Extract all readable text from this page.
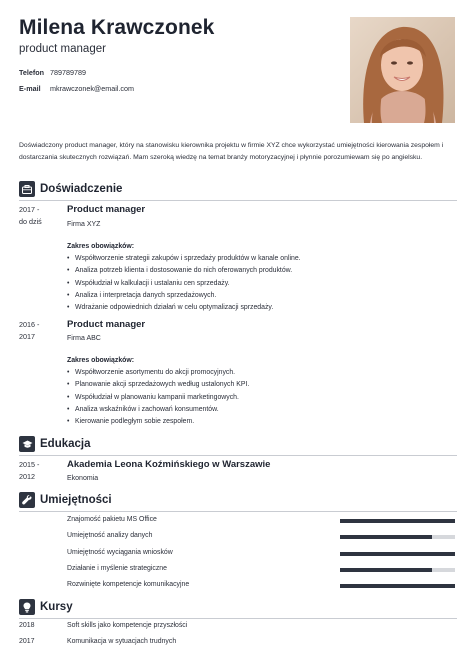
Milena Krawczonek
product manager
Telefon 789789789
E-mail mkrawczonek@email.com
Doświadczony product manager, który na stanowisku kierownika projektu w firmie XYZ chce wykorzystać umiejętności kierowania zespołem i dostarczania skutecznych rozwiązań. Mam szeroką wiedzę na temat branży motoryzacyjnej i płynnie porozumiewam się po angielsku.
Doświadczenie
2017 -
do dziś
Product manager
Firma XYZ
Zakres obowiązków:
• Współtworzenie strategii zakupów i sprzedaży produktów w kanale online.
• Analiza potrzeb klienta i dostosowanie do nich oferowanych produktów.
• Współudział w kalkulacji i ustalaniu cen sprzedaży.
• Analiza i interpretacja danych sprzedażowych.
• Wdrażanie odpowiednich działań w celu optymalizacji sprzedaży.
2016 -
2017
Product manager
Firma ABC
Zakres obowiązków:
• Współtworzenie asortymentu do akcji promocyjnych.
• Planowanie akcji sprzedażowych według ustalonych KPI.
• Współudział w planowaniu kampanii marketingowych.
• Analiza wskaźników i zachowań konsumentów.
• Kierowanie podległym sobie zespołem.
Edukacja
2015 -
2012
Akademia Leona Koźmińskiego w Warszawie
Ekonomia
Umiejętności
Znajomość pakietu MS Office
Umiejętność analizy danych
Umiejętność wyciągania wniosków
Działanie i myślenie strategiczne
Rozwinięte kompetencje komunikacyjne
Kursy
2018	Soft skills jako kompetencje przyszłości
2017	Komunikacja w sytuacjach trudnych
